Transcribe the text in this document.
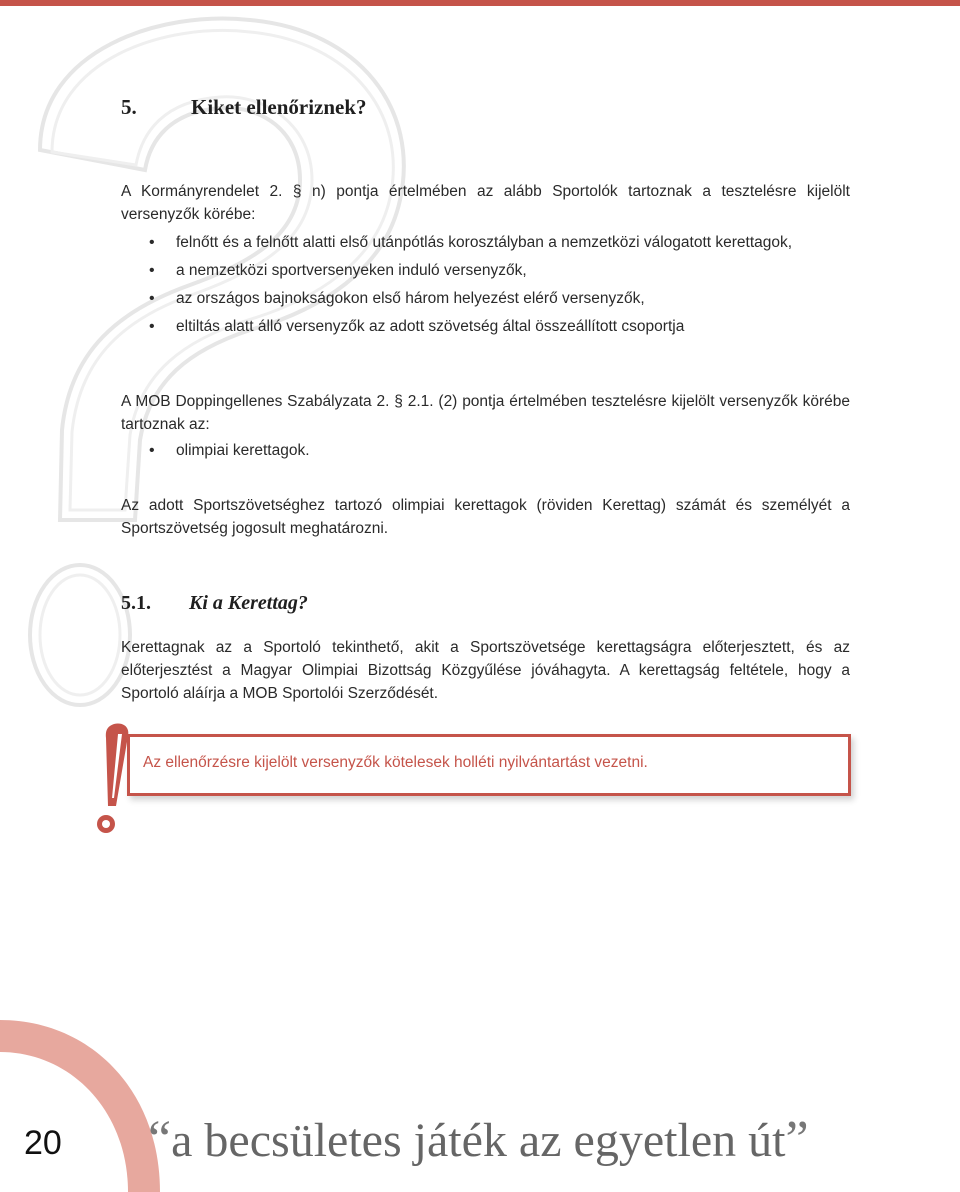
5.	Kiket ellenőriznek?
A Kormányrendelet 2. § n) pontja értelmében az alább Sportolók tartoznak a tesztelésre kijelölt versenyzők körébe:
• felnőtt és a felnőtt alatti első utánpótlás korosztályban a nemzetközi válogatott kerettagok,
• a nemzetközi sportversenyeken induló versenyzők,
• az országos bajnokságokon első három helyezést elérő versenyzők,
• eltiltás alatt álló versenyzők az adott szövetség által összeállított csoportja
A MOB Doppingellenes Szabályzata 2. § 2.1. (2) pontja értelmében tesztelésre kijelölt versenyzők körébe tartoznak az:
• olimpiai kerettagok.
Az adott Sportszövetséghez tartozó olimpiai kerettagok (röviden Kerettag) számát és személyét a Sportszövetség jogosult meghatározni.
5.1. Ki a Kerettag?
Kerettagnak az a Sportoló tekinthető, akit a Sportszövetsége kerettagságra előterjesztett, és az előterjesztést a Magyar Olimpiai Bizottság Közgyűlése jóváhagyta. A kerettagság feltétele, hogy a Sportoló aláírja a MOB Sportolói Szerződését.
Az ellenőrzésre kijelölt versenyzők kötelesek holléti nyilvántartást vezetni.
20 “a becsületes játék az egyetlen út”
